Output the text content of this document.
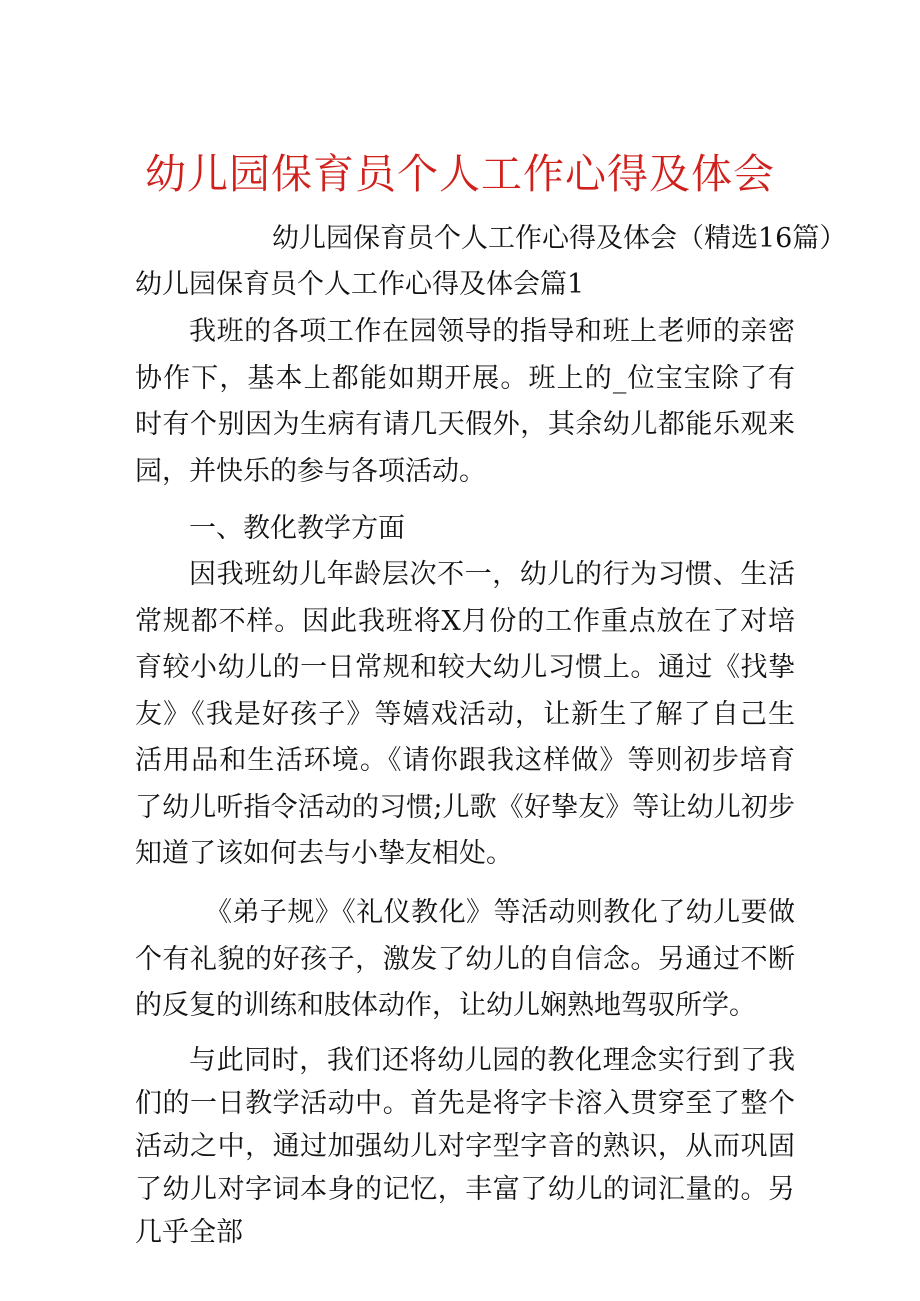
幼儿园保育员个人工作心得及体会
幼儿园保育员个人工作心得及体会（精选16篇）
幼儿园保育员个人工作心得及体会篇1

我班的各项工作在园领导的指导和班上老师的亲密协作下，基本上都能如期开展。班上的_位宝宝除了有时有个别因为生病有请几天假外，其余幼儿都能乐观来园，并快乐的参与各项活动。

一、教化教学方面

因我班幼儿年龄层次不一，幼儿的行为习惯、生活常规都不样。因此我班将X月份的工作重点放在了对培育较小幼儿的一日常规和较大幼儿习惯上。通过《找挚友》《我是好孩子》等嬉戏活动，让新生了解了自己生活用品和生活环境。《请你跟我这样做》等则初步培育了幼儿听指令活动的习惯;儿歌《好挚友》等让幼儿初步知道了该如何去与小挚友相处。

《弟子规》《礼仪教化》等活动则教化了幼儿要做个有礼貌的好孩子，激发了幼儿的自信念。另通过不断的反复的训练和肢体动作，让幼儿娴熟地驾驭所学。

与此同时，我们还将幼儿园的教化理念实行到了我们的一日教学活动中。首先是将字卡溶入贯穿至了整个活动之中，通过加强幼儿对字型字音的熟识，从而巩固了幼儿对字词本身的记忆，丰富了幼儿的词汇量的。另几乎全部
